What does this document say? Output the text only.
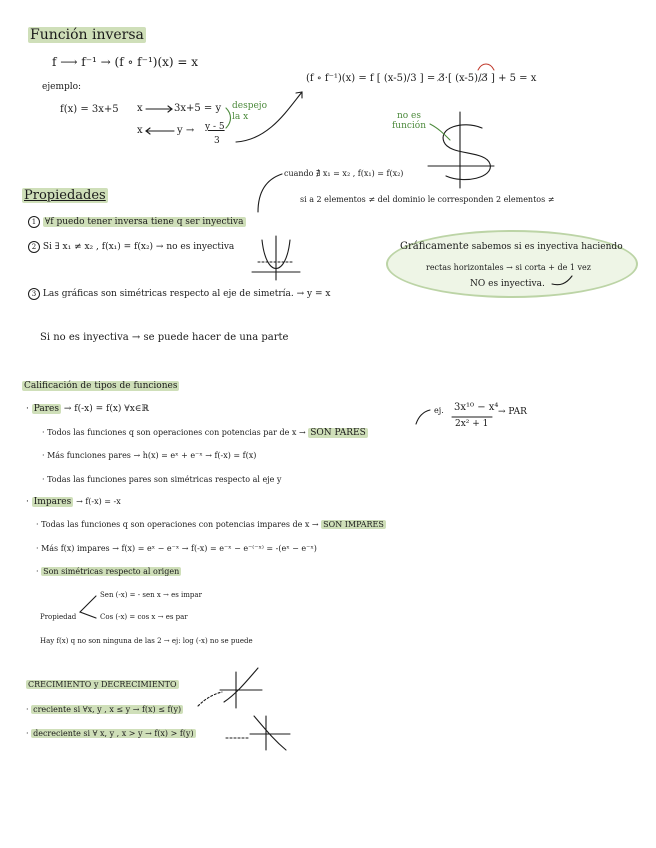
Función inversa
f ⟶ f⁻¹ → (f ∘ f⁻¹)(x) = x
ejemplo:
f(x) = 3x+5 x	3x+5 = y
x	y → y - 5
3
despejo la x
(f ∘ f⁻¹)(x) = f [ (x-5)/3 ] = 3̸·[ (x-5)/3̸ ] + 5 = x
no es función
cuando ∄ x₁ = x₂ , f(x₁) = f(x₂)
Propiedades	si a 2 elementos ≠ del dominio le corresponden 2 elementos ≠
1 ∀f puedo tener inversa tiene q ser inyectiva
2 Si ∃ x₁ ≠ x₂ , f(x₁) = f(x₂) → no es inyectiva
3 Las gráficas son simétricas respecto al eje de simetría. → y = x
Gráficamente sabemos si es inyectiva haciendo
rectas horizontales → si corta + de 1 vez
NO es inyectiva.
Si no es inyectiva → se puede hacer de una parte
Calificación de tipos de funciones
· Pares → f(-x) = f(x) ∀x∈ℝ
· Todos las funciones q son operaciones con potencias par de x → SON PARES
· Más funciones pares → h(x) = eˣ + e⁻ˣ → f(-x) = f(x)
· Todas las funciones pares son simétricas respecto al eje y
ej. 3x¹⁰ − x⁴
2x² + 1
→ PAR
· Impares → f(-x) = -x
· Todas las funciones q son operaciones con potencias impares de x → SON IMPARES
· Más f(x) impares → f(x) = eˣ − e⁻ˣ → f(-x) = e⁻ˣ − e⁻⁽⁻ˣ⁾ = -(eˣ − e⁻ˣ)
· Son simétricas respecto al origen
Propiedad
Sen (-x) = - sen x → es impar
Cos (-x) = cos x → es par
Hay f(x) q no son ninguna de las 2 → ej: log (-x) no se puede
CRECIMIENTO y DECRECIMIENTO
· creciente si ∀x, y , x ≤ y → f(x) ≤ f(y)
· decreciente si ∀ x, y , x > y → f(x) > f(y)
